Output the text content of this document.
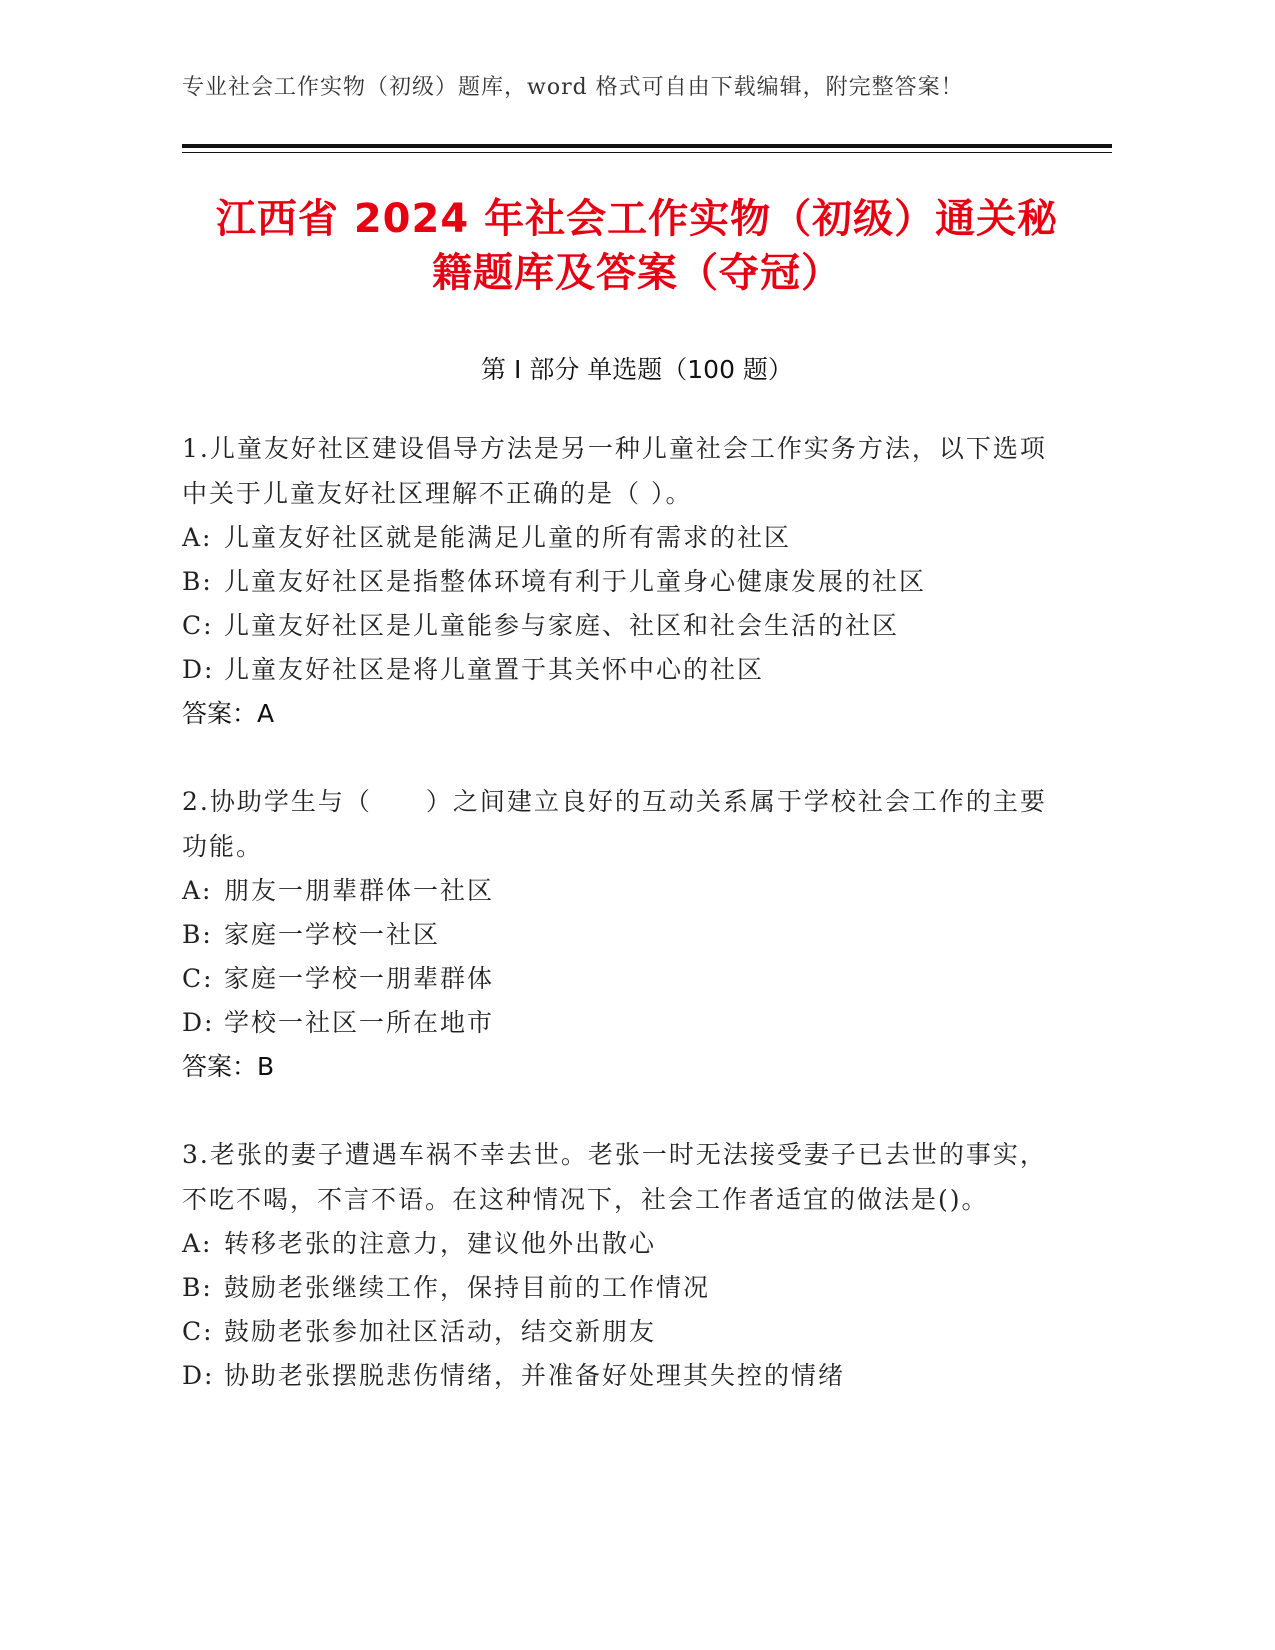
专业社会工作实物（初级）题库，word 格式可自由下载编辑，附完整答案！
江西省 2024 年社会工作实物（初级）通关秘
籍题库及答案（夺冠）
第 I 部分 单选题（100 题）

1.儿童友好社区建设倡导方法是另一种儿童社会工作实务方法，以下选项中关于儿童友好社区理解不正确的是（ ）。

A: 儿童友好社区就是能满足儿童的所有需求的社区

B: 儿童友好社区是指整体环境有利于儿童身心健康发展的社区

C: 儿童友好社区是儿童能参与家庭、社区和社会生活的社区

D: 儿童友好社区是将儿童置于其关怀中心的社区

答案：A

2.协助学生与（　　）之间建立良好的互动关系属于学校社会工作的主要功能。

A: 朋友一朋辈群体一社区

B: 家庭一学校一社区

C: 家庭一学校一朋辈群体

D: 学校一社区一所在地市

答案：B

3.老张的妻子遭遇车祸不幸去世。老张一时无法接受妻子已去世的事实，不吃不喝，不言不语。在这种情况下，社会工作者适宜的做法是()。

A: 转移老张的注意力，建议他外出散心

B: 鼓励老张继续工作，保持目前的工作情况

C: 鼓励老张参加社区活动，结交新朋友

D: 协助老张摆脱悲伤情绪，并准备好处理其失控的情绪
